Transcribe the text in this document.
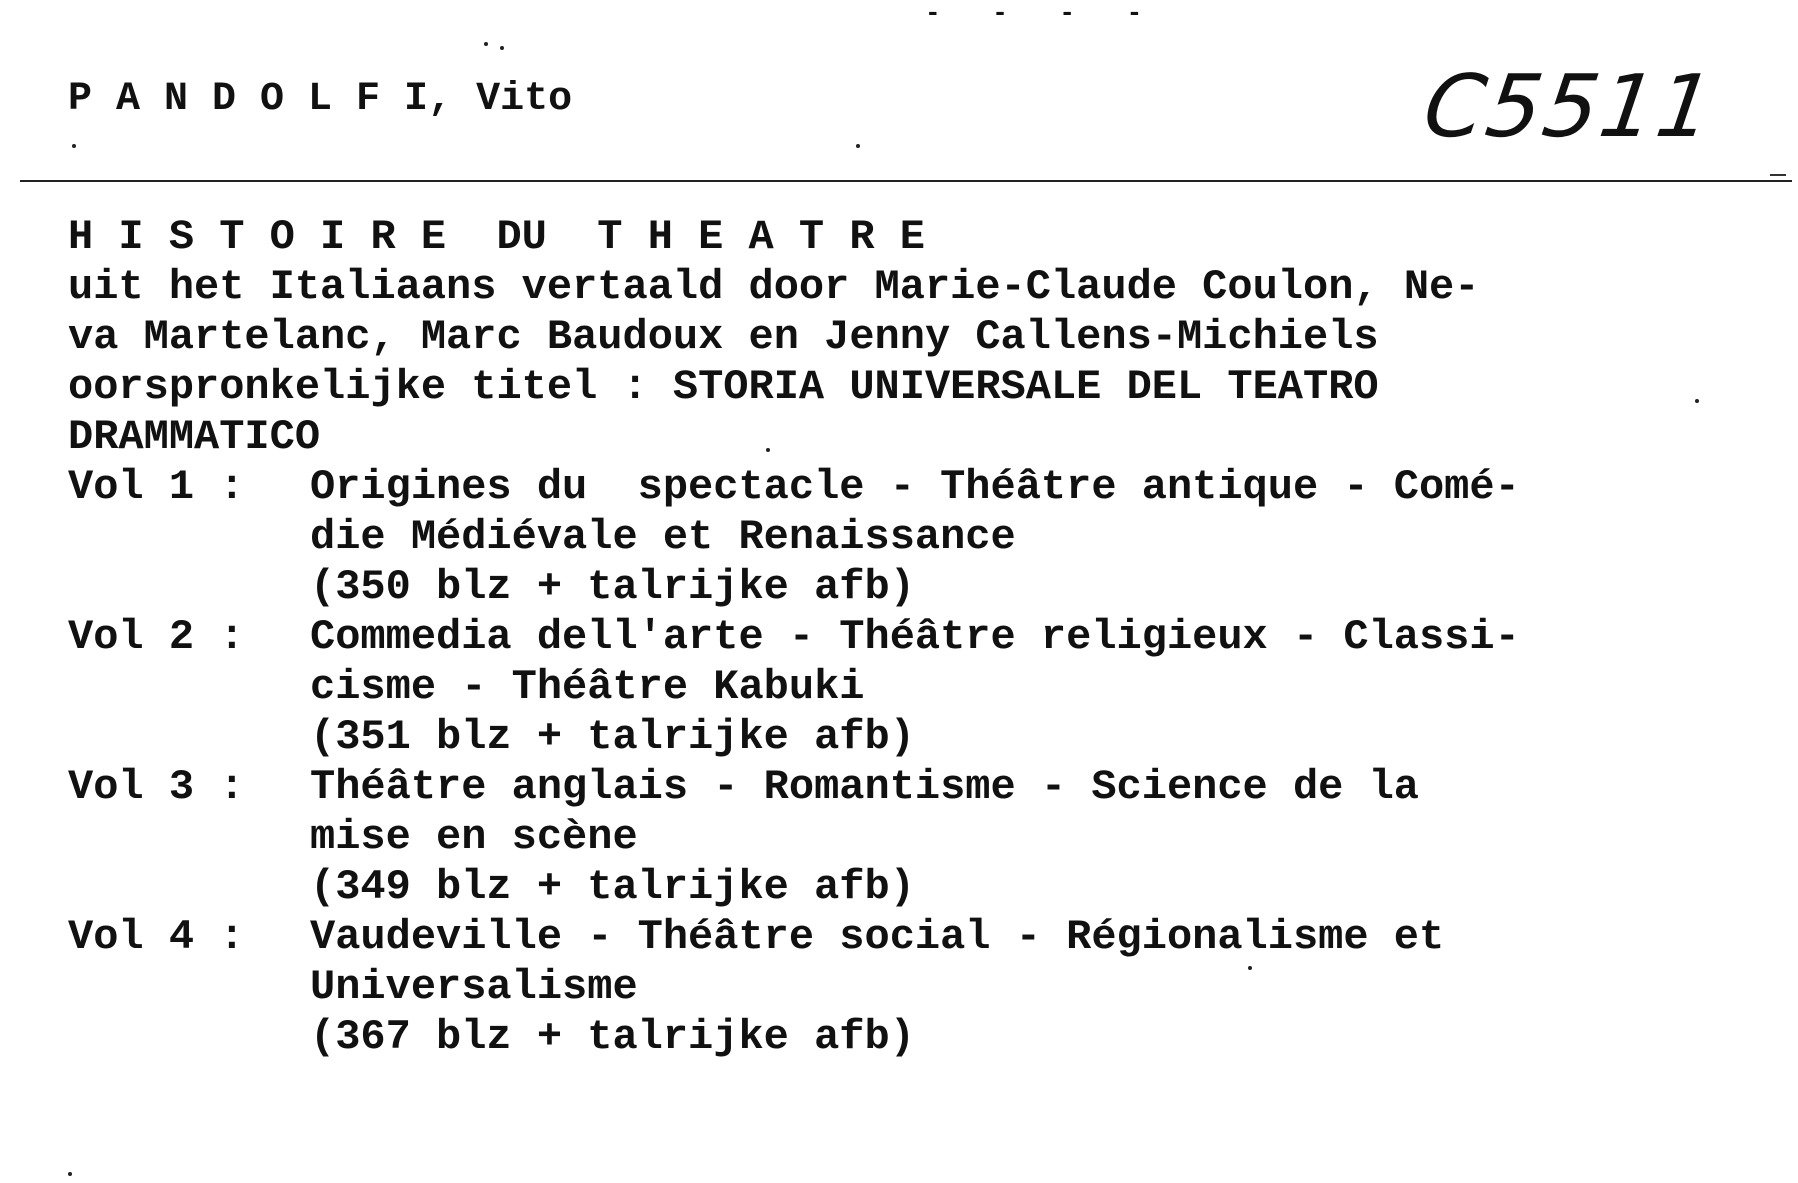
- - - -
P A N D O L F I, Vito	C5511
H I S T O I R E  DU  T H E A T R E
uit het Italiaans vertaald door Marie-Claude Coulon, Ne-
va Martelanc, Marc Baudoux en Jenny Callens-Michiels
oorspronkelijke titel : STORIA UNIVERSALE DEL TEATRO
DRAMMATICO
Vol 1 :	Origines du  spectacle - Théâtre antique - Comé-
die Médiévale et Renaissance
(350 blz + talrijke afb)
Vol 2 :	Commedia dell'arte - Théâtre religieux - Classi-
cisme - Théâtre Kabuki
(351 blz + talrijke afb)
Vol 3 :	Théâtre anglais - Romantisme - Science de la
mise en scène
(349 blz + talrijke afb)
Vol 4 :	Vaudeville - Théâtre social - Régionalisme et
Universalisme
(367 blz + talrijke afb)
